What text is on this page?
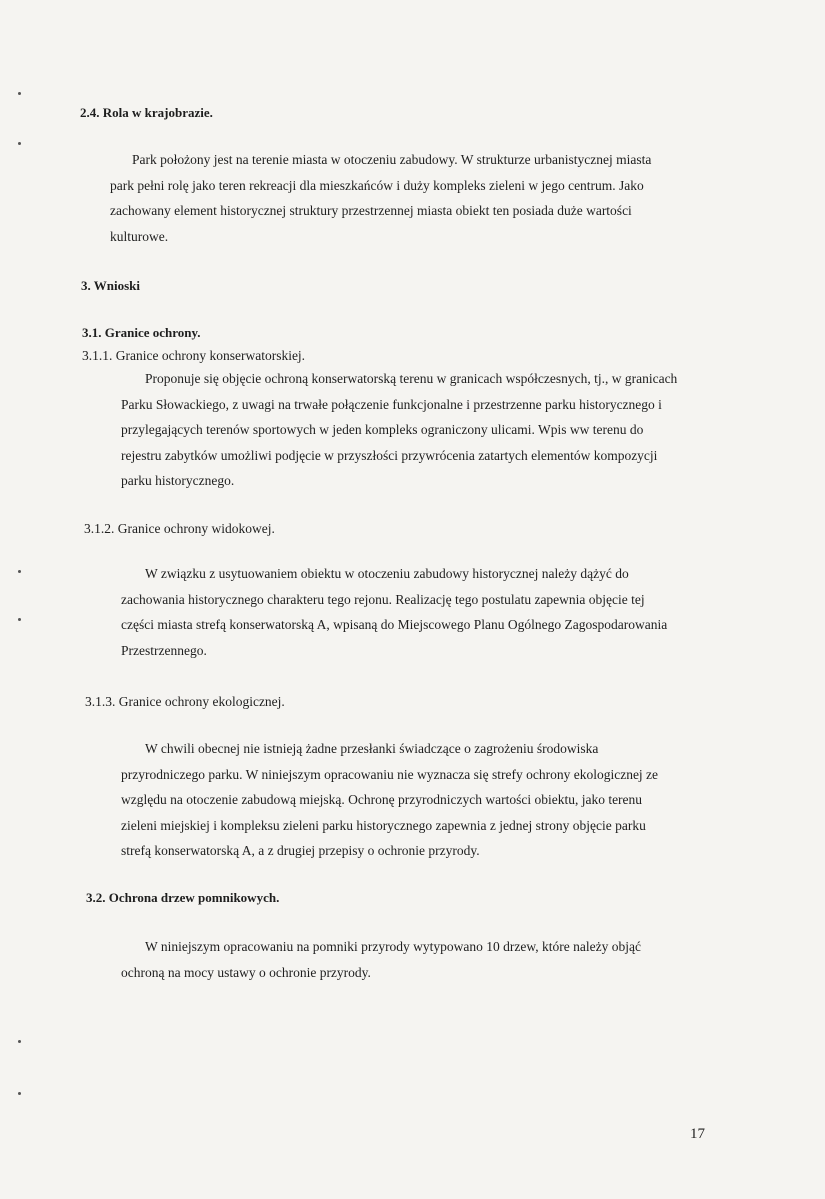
2.4. Rola w krajobrazie.
Park położony jest na terenie miasta w otoczeniu zabudowy. W strukturze urbanistycznej miasta
park pełni rolę jako teren rekreacji dla mieszkańców i duży kompleks zieleni w jego centrum. Jako
zachowany element historycznej struktury przestrzennej miasta obiekt ten posiada duże wartości
kulturowe.
3. Wnioski
3.1. Granice ochrony.
3.1.1. Granice ochrony konserwatorskiej.
Proponuje się objęcie ochroną konserwatorską terenu w granicach współczesnych, tj., w granicach
Parku Słowackiego, z uwagi na trwałe połączenie funkcjonalne i przestrzenne parku historycznego i
przylegających terenów sportowych w jeden kompleks ograniczony ulicami. Wpis ww terenu do
rejestru zabytków umożliwi podjęcie w przyszłości przywrócenia zatartych elementów kompozycji
parku historycznego.
3.1.2. Granice ochrony widokowej.
W związku z usytuowaniem obiektu w otoczeniu zabudowy historycznej należy dążyć do
zachowania historycznego charakteru tego rejonu. Realizację tego postulatu zapewnia objęcie tej
części miasta strefą konserwatorską A, wpisaną do Miejscowego Planu Ogólnego Zagospodarowania
Przestrzennego.
3.1.3. Granice ochrony ekologicznej.
W chwili obecnej nie istnieją żadne przesłanki świadczące o zagrożeniu środowiska
przyrodniczego parku. W niniejszym opracowaniu nie wyznacza się strefy ochrony ekologicznej ze
względu na otoczenie zabudową miejską. Ochronę przyrodniczych wartości obiektu, jako terenu
zieleni miejskiej i kompleksu zieleni parku historycznego zapewnia z jednej strony objęcie parku
strefą konserwatorską A, a z drugiej przepisy o ochronie przyrody.
3.2. Ochrona drzew pomnikowych.
W niniejszym opracowaniu na pomniki przyrody wytypowano 10 drzew, które należy objąć
ochroną na mocy ustawy o ochronie przyrody.
17
